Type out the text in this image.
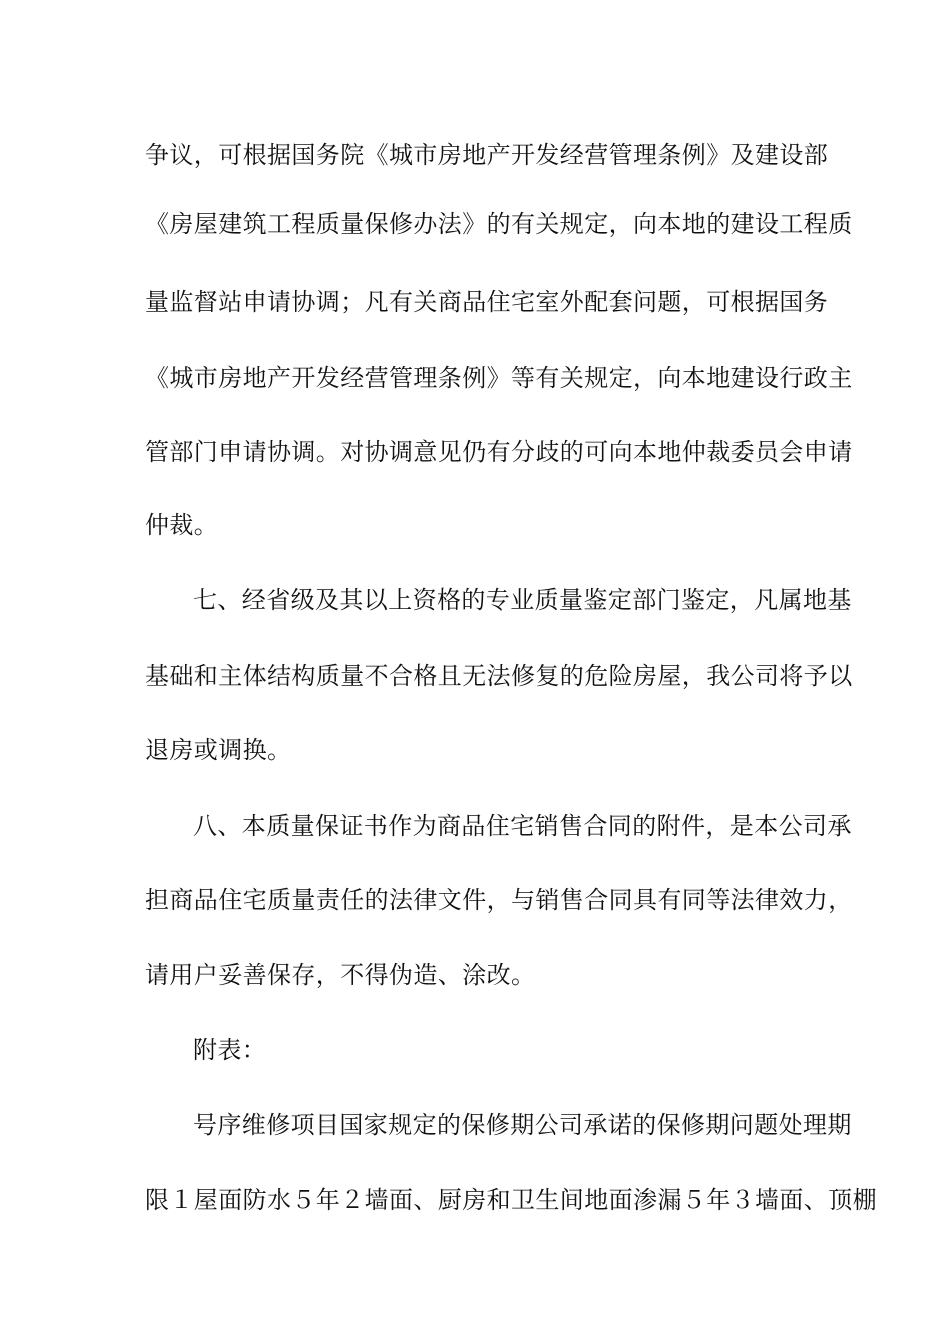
争议，可根据国务院《城市房地产开发经营管理条例》及建设部
《房屋建筑工程质量保修办法》的有关规定，向本地的建设工程质
量监督站申请协调；凡有关商品住宅室外配套问题，可根据国务
《城市房地产开发经营管理条例》等有关规定，向本地建设行政主
管部门申请协调。对协调意见仍有分歧的可向本地仲裁委员会申请
仲裁。
七、经省级及其以上资格的专业质量鉴定部门鉴定，凡属地基
基础和主体结构质量不合格且无法修复的危险房屋，我公司将予以
退房或调换。
八、本质量保证书作为商品住宅销售合同的附件，是本公司承
担商品住宅质量责任的法律文件，与销售合同具有同等法律效力，
请用户妥善保存，不得伪造、涂改。
附表：
号序维修项目国家规定的保修期公司承诺的保修期问题处理期
限１屋面防水５年２墙面、厨房和卫生间地面渗漏５年３墙面、顶棚
